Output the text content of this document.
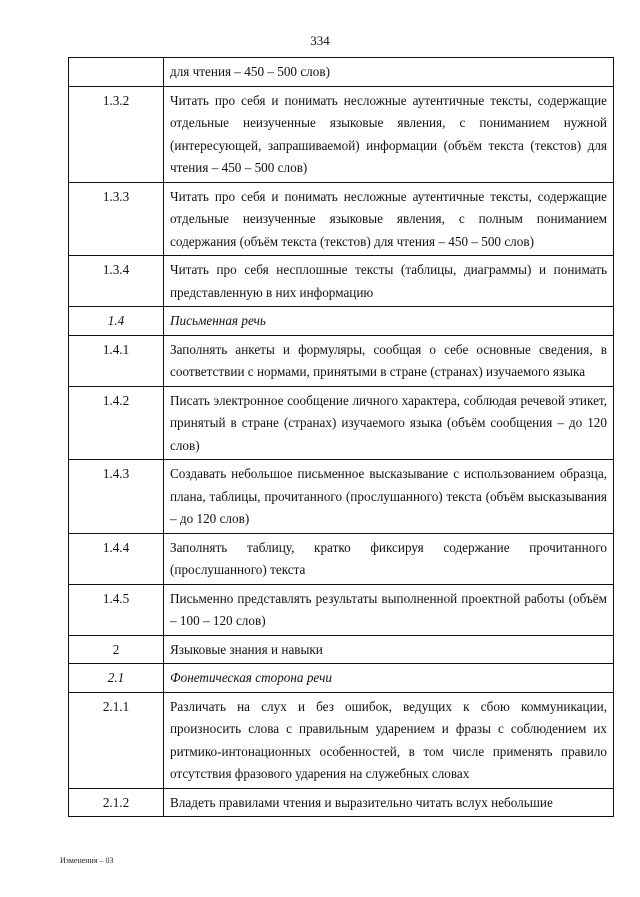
334
	для чтения – 450 – 500 слов)
1.3.2	Читать про себя и понимать несложные аутентичные тексты, содержащие отдельные неизученные языковые явления, с пониманием нужной (интересующей, запрашиваемой) информации (объём текста (текстов) для чтения – 450 – 500 слов)
1.3.3	Читать про себя и понимать несложные аутентичные тексты, содержащие отдельные неизученные языковые явления, с полным пониманием содержания (объём текста (текстов) для чтения – 450 – 500 слов)
1.3.4	Читать про себя несплошные тексты (таблицы, диаграммы) и понимать представленную в них информацию
1.4	Письменная речь
1.4.1	Заполнять анкеты и формуляры, сообщая о себе основные сведения, в соответствии с нормами, принятыми в стране (странах) изучаемого языка
1.4.2	Писать электронное сообщение личного характера, соблюдая речевой этикет, принятый в стране (странах) изучаемого языка (объём сообщения – до 120 слов)
1.4.3	Создавать небольшое письменное высказывание с использованием образца, плана, таблицы, прочитанного (прослушанного) текста (объём высказывания – до 120 слов)
1.4.4	Заполнять таблицу, кратко фиксируя содержание прочитанного (прослушанного) текста
1.4.5	Письменно представлять результаты выполненной проектной работы (объём – 100 – 120 слов)
2	Языковые знания и навыки
2.1	Фонетическая сторона речи
2.1.1	Различать на слух и без ошибок, ведущих к сбою коммуникации, произносить слова с правильным ударением и фразы с соблюдением их ритмико-интонационных особенностей, в том числе применять правило отсутствия фразового ударения на служебных словах
2.1.2	Владеть правилами чтения и выразительно читать вслух небольшие
Изменения – 03
